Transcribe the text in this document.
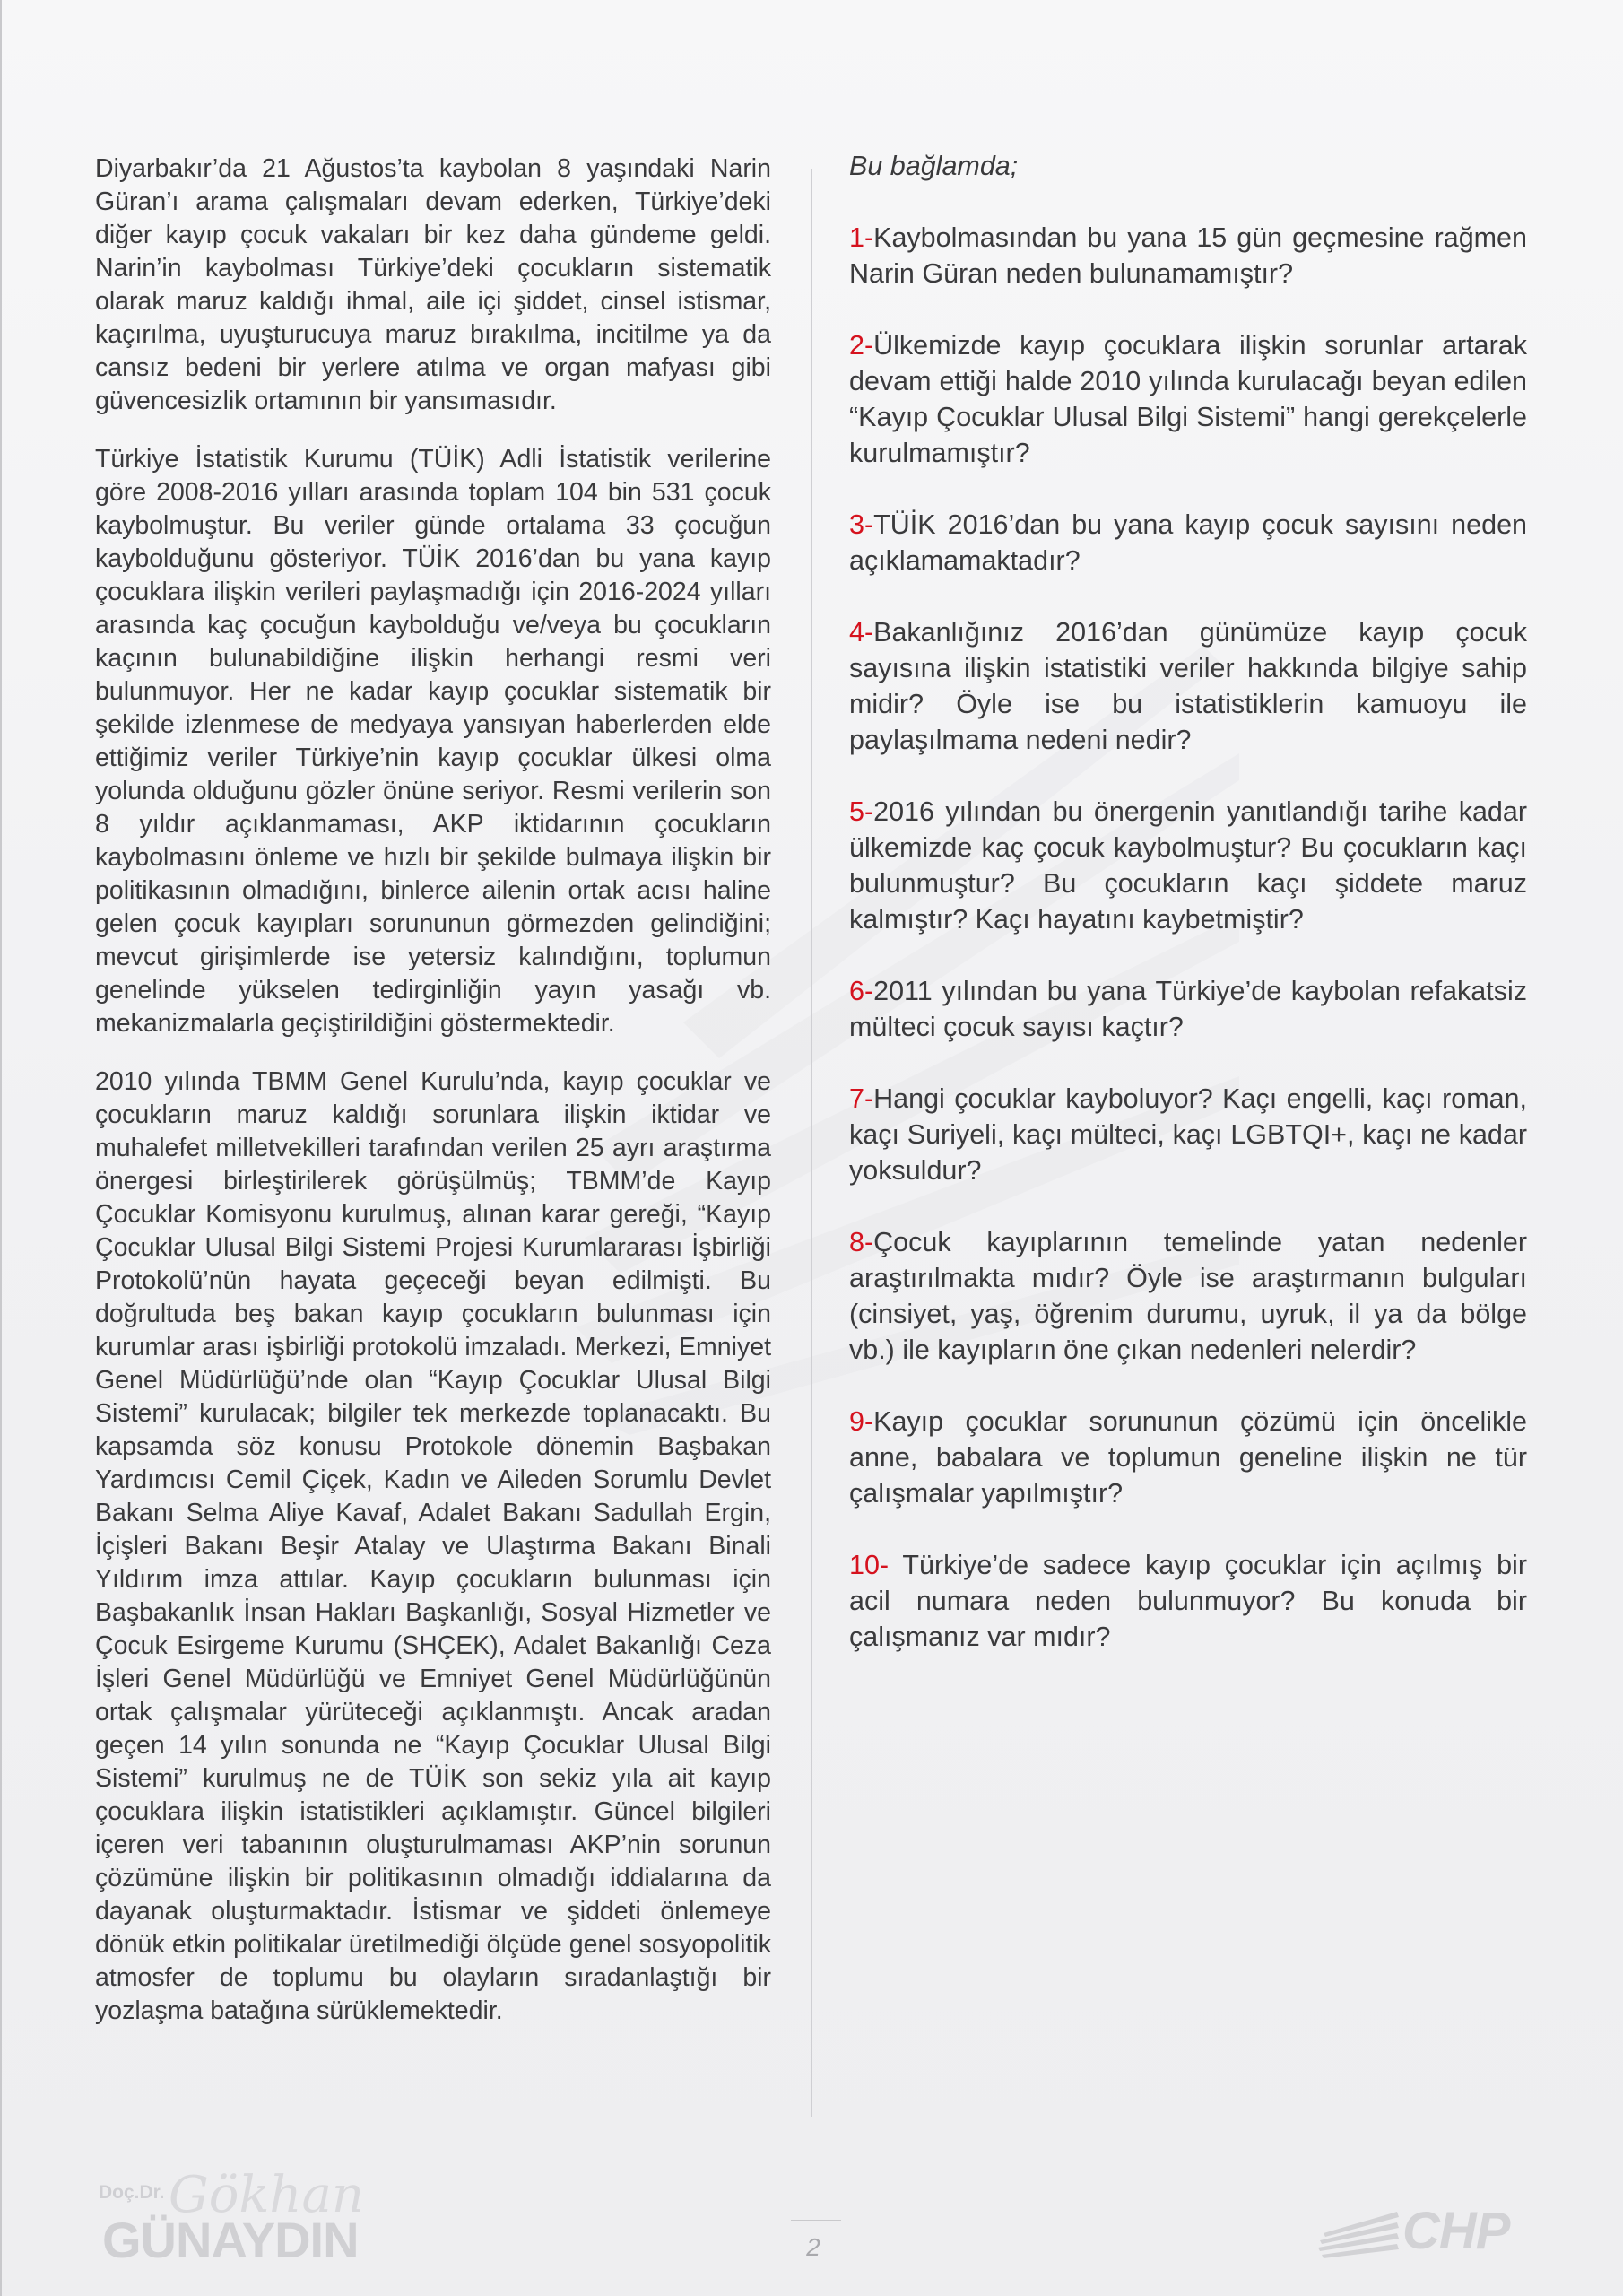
Diyarbakır’da 21 Ağustos’ta kaybolan 8 yaşındaki Narin Güran’ı arama çalışmaları devam ederken, Türkiye’deki diğer kayıp çocuk vakaları bir kez daha gündeme geldi. Narin’in kaybolması Türkiye’deki çocukların sistematik olarak maruz kaldığı ihmal, aile içi şiddet, cinsel istismar, kaçırılma, uyuşturucuya maruz bırakılma, incitilme ya da cansız bedeni bir yerlere atılma ve organ mafyası gibi güvencesizlik ortamının bir yansımasıdır.

Türkiye İstatistik Kurumu (TÜİK) Adli İstatistik verilerine göre 2008-2016 yılları arasında toplam 104 bin 531 çocuk kaybolmuştur. Bu veriler günde ortalama 33 çocuğun kaybolduğunu gösteriyor. TÜİK 2016’dan bu yana kayıp çocuklara ilişkin verileri paylaşmadığı için 2016-2024 yılları arasında kaç çocuğun kaybolduğu ve/veya bu çocukların kaçının bulunabildiğine ilişkin herhangi resmi veri bulunmuyor. Her ne kadar kayıp çocuklar sistematik bir şekilde izlenmese de medyaya yansıyan haberlerden elde ettiğimiz veriler Türkiye’nin kayıp çocuklar ülkesi olma yolunda olduğunu gözler önüne seriyor. Resmi verilerin son 8 yıldır açıklanmaması, AKP iktidarının çocukların kaybolmasını önleme ve hızlı bir şekilde bulmaya ilişkin bir politikasının olmadığını, binlerce ailenin ortak acısı haline gelen çocuk kayıpları sorununun görmezden gelindiğini; mevcut girişimlerde ise yetersiz kalındığını, toplumun genelinde yükselen tedirginliğin yayın yasağı vb. mekanizmalarla geçiştirildiğini göstermektedir.

2010 yılında TBMM Genel Kurulu’nda, kayıp çocuklar ve çocukların maruz kaldığı sorunlara ilişkin iktidar ve muhalefet milletvekilleri tarafından verilen 25 ayrı araştırma önergesi birleştirilerek görüşülmüş; TBMM’de Kayıp Çocuklar Komisyonu kurulmuş, alınan karar gereği, “Kayıp Çocuklar Ulusal Bilgi Sistemi Projesi Kurumlararası İşbirliği Protokolü’nün hayata geçeceği beyan edilmişti. Bu doğrultuda beş bakan kayıp çocukların bulunması için kurumlar arası işbirliği protokolü imzaladı. Merkezi, Emniyet Genel Müdürlüğü’nde olan “Kayıp Çocuklar Ulusal Bilgi Sistemi” kurulacak; bilgiler tek merkezde toplanacaktı. Bu kapsamda söz konusu Protokole dönemin Başbakan Yardımcısı Cemil Çiçek, Kadın ve Aileden Sorumlu Devlet Bakanı Selma Aliye Kavaf, Adalet Bakanı Sadullah Ergin, İçişleri Bakanı Beşir Atalay ve Ulaştırma Bakanı Binali Yıldırım imza attılar. Kayıp çocukların bulunması için Başbakanlık İnsan Hakları Başkanlığı, Sosyal Hizmetler ve Çocuk Esirgeme Kurumu (SHÇEK), Adalet Bakanlığı Ceza İşleri Genel Müdürlüğü ve Emniyet Genel Müdürlüğünün ortak çalışmalar yürüteceği açıklanmıştı. Ancak aradan geçen 14 yılın sonunda ne “Kayıp Çocuklar Ulusal Bilgi Sistemi” kurulmuş ne de TÜİK son sekiz yıla ait kayıp çocuklara ilişkin istatistikleri açıklamıştır. Güncel bilgileri içeren veri tabanının oluşturulmaması AKP’nin sorunun çözümüne ilişkin bir politikasının olmadığı iddialarına da dayanak oluşturmaktadır. İstismar ve şiddeti önlemeye dönük etkin politikalar üretilmediği ölçüde genel sosyopolitik atmosfer de toplumu bu olayların sıradanlaştığı bir yozlaşma batağına sürüklemektedir.

Bu bağlamda;

1-Kaybolmasından bu yana 15 gün geçmesine rağmen Narin Güran neden bulunamamıştır?

2-Ülkemizde kayıp çocuklara ilişkin sorunlar artarak devam ettiği halde 2010 yılında kurulacağı beyan edilen “Kayıp Çocuklar Ulusal Bilgi Sistemi” hangi gerekçelerle kurulmamıştır?

3-TÜİK 2016’dan bu yana kayıp çocuk sayısını neden açıklamamaktadır?

4-Bakanlığınız 2016’dan günümüze kayıp çocuk sayısına ilişkin istatistiki veriler hakkında bilgiye sahip midir? Öyle ise bu istatistiklerin kamuoyu ile paylaşılmama nedeni nedir?

5-2016 yılından bu önergenin yanıtlandığı tarihe kadar ülkemizde kaç çocuk kaybolmuştur? Bu çocukların kaçı bulunmuştur? Bu çocukların kaçı şiddete maruz kalmıştır? Kaçı hayatını kaybetmiştir?

6-2011 yılından bu yana Türkiye’de kaybolan refakatsiz mülteci çocuk sayısı kaçtır?

7-Hangi çocuklar kayboluyor? Kaçı engelli, kaçı roman, kaçı Suriyeli, kaçı mülteci, kaçı LGBTQI+, kaçı ne kadar yoksuldur?

8-Çocuk kayıplarının temelinde yatan nedenler araştırılmakta mıdır? Öyle ise araştırmanın bulguları (cinsiyet, yaş, öğrenim durumu, uyruk, il ya da bölge vb.) ile kayıpların öne çıkan nedenleri nelerdir?

9-Kayıp çocuklar sorununun çözümü için öncelikle anne, babalara ve toplumun geneline ilişkin ne tür çalışmalar yapılmıştır?

10- Türkiye’de sadece kayıp çocuklar için açılmış bir acil numara neden bulunmuyor? Bu konuda bir çalışmanız var mıdır?

Doç.Dr. Gökhan
GÜNAYDIN	2	CHP
